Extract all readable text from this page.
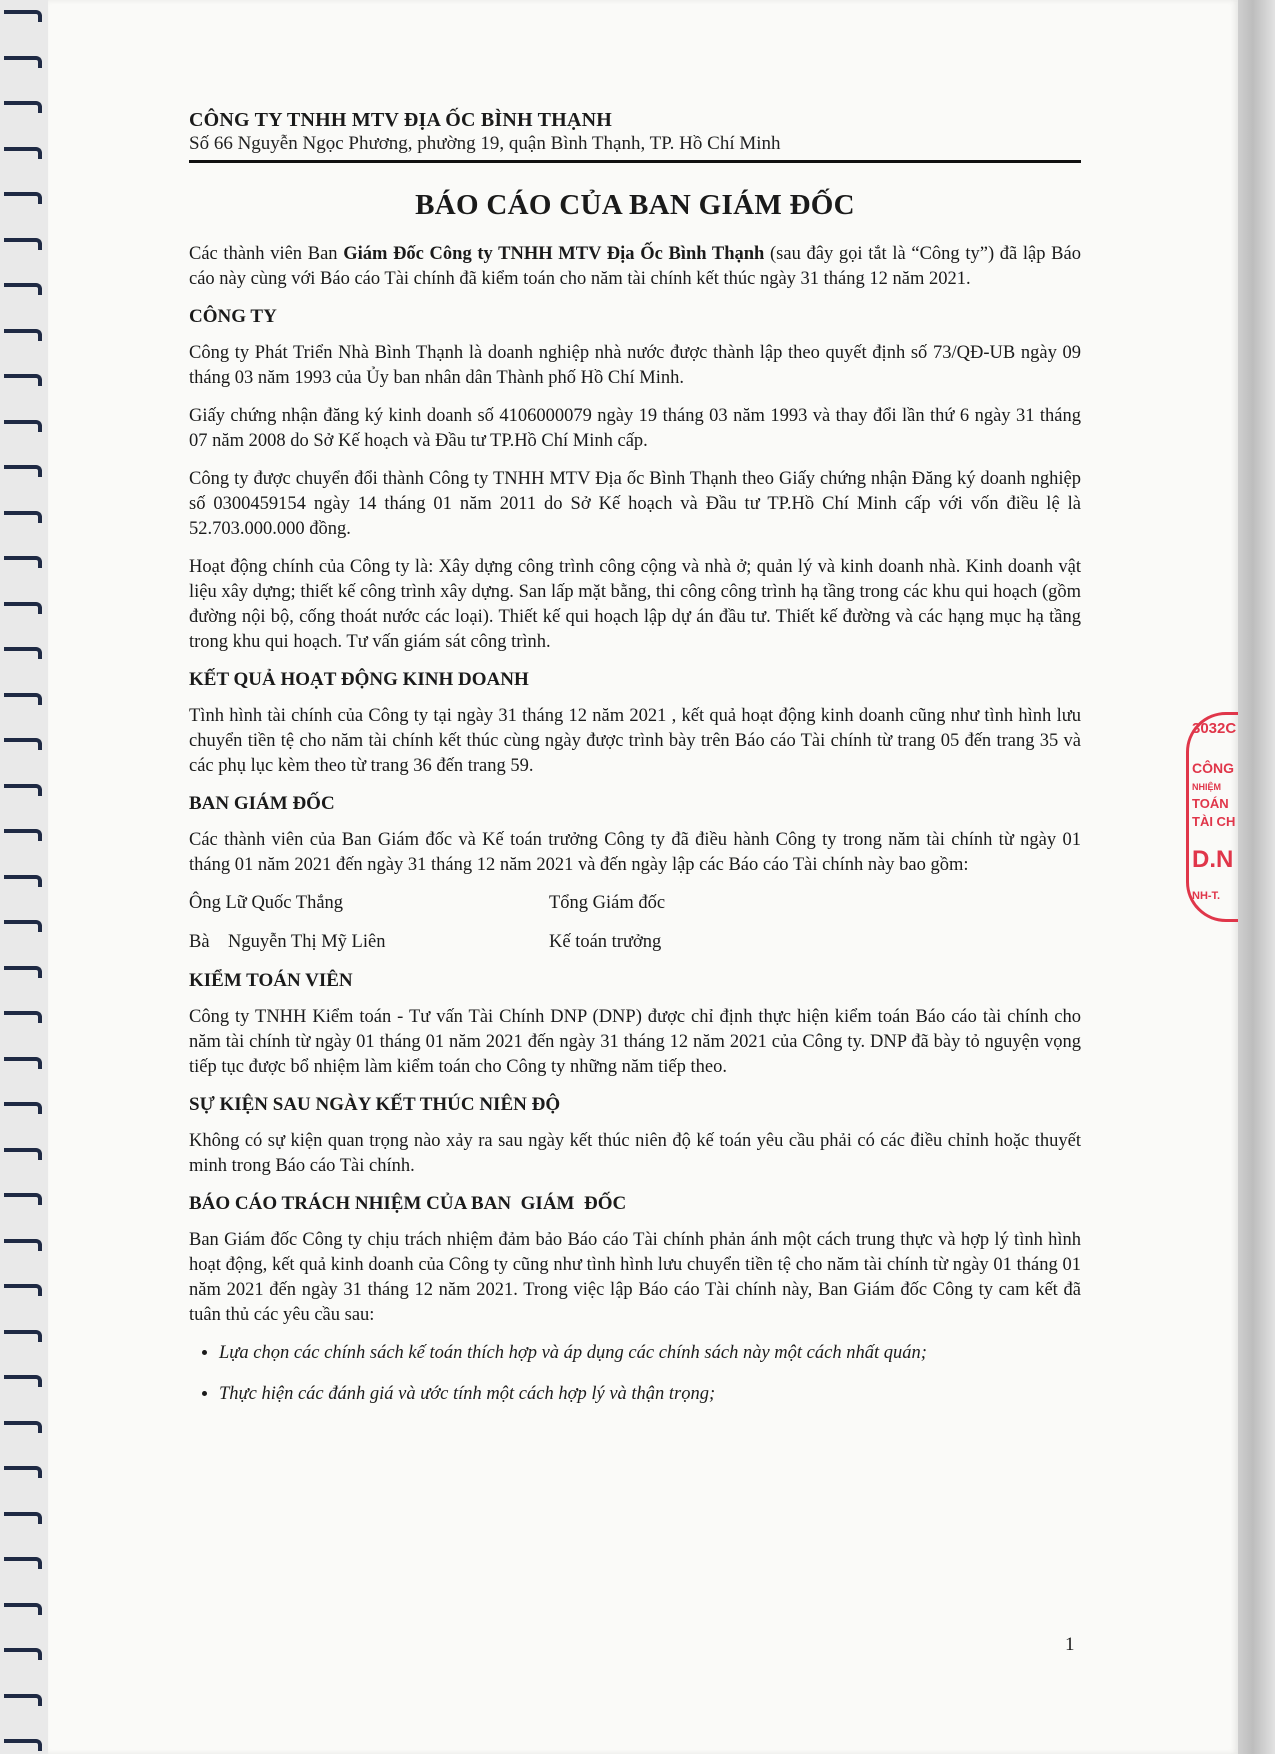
CÔNG TY TNHH MTV ĐỊA ỐC BÌNH THẠNH

Số 66 Nguyễn Ngọc Phương, phường 19, quận Bình Thạnh, TP. Hồ Chí Minh

BÁO CÁO CỦA BAN GIÁM ĐỐC

Các thành viên Ban Giám Đốc Công ty TNHH MTV Địa Ốc Bình Thạnh (sau đây gọi tắt là “Công ty”) đã lập Báo cáo này cùng với Báo cáo Tài chính đã kiểm toán cho năm tài chính kết thúc ngày 31 tháng 12 năm 2021.

CÔNG TY

Công ty Phát Triển Nhà Bình Thạnh là doanh nghiệp nhà nước được thành lập theo quyết định số 73/QĐ-UB ngày 09 tháng 03 năm 1993 của Ủy ban nhân dân Thành phố Hồ Chí Minh.

Giấy chứng nhận đăng ký kinh doanh số 4106000079 ngày 19 tháng 03 năm 1993 và thay đổi lần thứ 6 ngày 31 tháng 07 năm 2008 do Sở Kế hoạch và Đầu tư TP.Hồ Chí Minh cấp.

Công ty được chuyển đổi thành Công ty TNHH MTV Địa ốc Bình Thạnh theo Giấy chứng nhận Đăng ký doanh nghiệp số 0300459154 ngày 14 tháng 01 năm 2011 do Sở Kế hoạch và Đầu tư TP.Hồ Chí Minh cấp với vốn điều lệ là 52.703.000.000 đồng.

Hoạt động chính của Công ty là: Xây dựng công trình công cộng và nhà ở; quản lý và kinh doanh nhà. Kinh doanh vật liệu xây dựng; thiết kế công trình xây dựng. San lấp mặt bằng, thi công công trình hạ tầng trong các khu qui hoạch (gồm đường nội bộ, cống thoát nước các loại). Thiết kế qui hoạch lập dự án đầu tư. Thiết kế đường và các hạng mục hạ tầng trong khu qui hoạch. Tư vấn giám sát công trình.

KẾT QUẢ HOẠT ĐỘNG KINH DOANH

Tình hình tài chính của Công ty tại ngày 31 tháng 12 năm 2021 , kết quả hoạt động kinh doanh cũng như tình hình lưu chuyển tiền tệ cho năm tài chính kết thúc cùng ngày được trình bày trên Báo cáo Tài chính từ trang 05 đến trang 35 và các phụ lục kèm theo từ trang 36 đến trang 59.

BAN GIÁM ĐỐC

Các thành viên của Ban Giám đốc và Kế toán trưởng Công ty đã điều hành Công ty trong năm tài chính từ ngày 01 tháng 01 năm 2021 đến ngày 31 tháng 12 năm 2021 và đến ngày lập các Báo cáo Tài chính này bao gồm:

Ông Lữ Quốc Thắng	Tổng Giám đốc
Bà    Nguyễn Thị Mỹ Liên	Kế toán trưởng
KIỂM TOÁN VIÊN

Công ty TNHH Kiểm toán - Tư vấn Tài Chính DNP (DNP) được chỉ định thực hiện kiểm toán Báo cáo tài chính cho năm tài chính từ ngày 01 tháng 01 năm 2021 đến ngày 31 tháng 12 năm 2021 của Công ty. DNP đã bày tỏ nguyện vọng tiếp tục được bổ nhiệm làm kiểm toán cho Công ty những năm tiếp theo.

SỰ KIỆN SAU NGÀY KẾT THÚC NIÊN ĐỘ

Không có sự kiện quan trọng nào xảy ra sau ngày kết thúc niên độ kế toán yêu cầu phải có các điều chỉnh hoặc thuyết minh trong Báo cáo Tài chính.

BÁO CÁO TRÁCH NHIỆM CỦA BAN  GIÁM  ĐỐC

Ban Giám đốc Công ty chịu trách nhiệm đảm bảo Báo cáo Tài chính phản ánh một cách trung thực và hợp lý tình hình hoạt động, kết quả kinh doanh của Công ty cũng như tình hình lưu chuyển tiền tệ cho năm tài chính từ ngày 01 tháng 01 năm 2021 đến ngày 31 tháng 12 năm 2021. Trong việc lập Báo cáo Tài chính này, Ban Giám đốc Công ty cam kết đã tuân thủ các yêu cầu sau:

• Lựa chọn các chính sách kế toán thích hợp và áp dụng các chính sách này một cách nhất quán;
• Thực hiện các đánh giá và ước tính một cách hợp lý và thận trọng;
1
3032C
CÔNG
NHIỆM
TOÁN
TÀI CH
D.N
NH-T.
